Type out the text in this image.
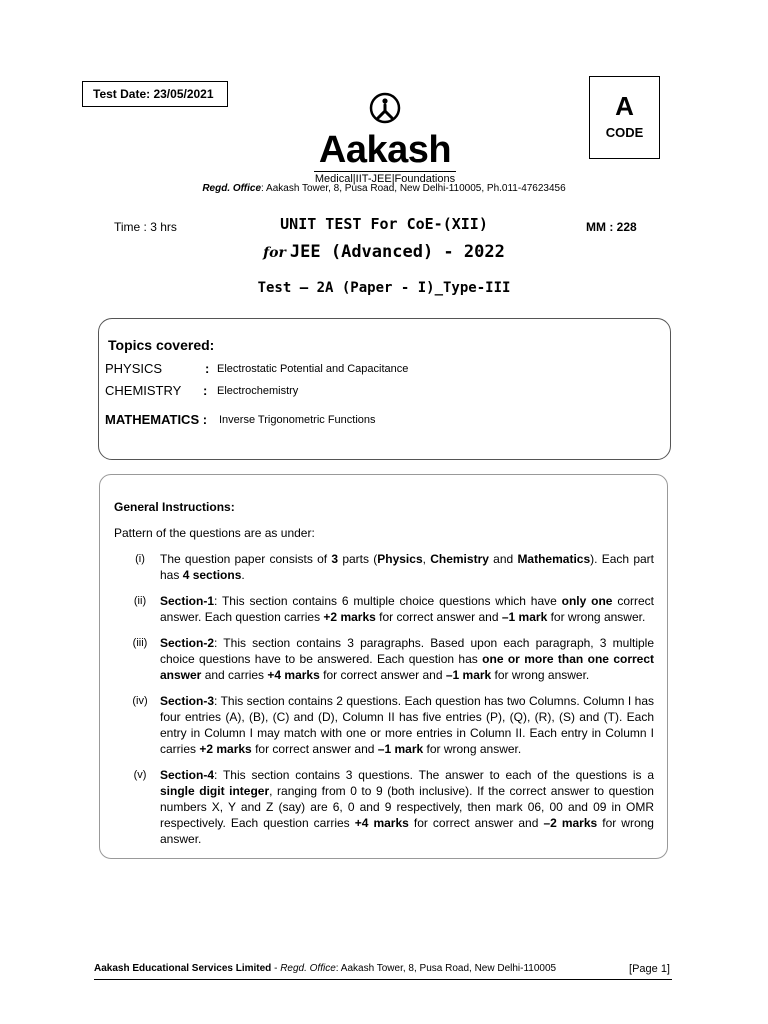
Test Date: 23/05/2021	A
CODE
Aakash
Medical|IIT-JEE|Foundations
Regd. Office: Aakash Tower, 8, Pusa Road, New Delhi-110005, Ph.011-47623456
Time : 3 hrs	MM : 228
UNIT TEST For CoE-(XII)
for JEE (Advanced) - 2022
Test – 2A (Paper - I)_Type-III
Topics covered:
PHYSICS	: Electrostatic Potential and Capacitance
CHEMISTRY : Electrochemistry
MATHEMATICS : Inverse Trigonometric Functions
General Instructions:
Pattern of the questions are as under:
(i)	The question paper consists of 3 parts (Physics, Chemistry and Mathematics). Each part has 4 sections.
(ii)	Section-1: This section contains 6 multiple choice questions which have only one correct answer. Each question carries +2 marks for correct answer and –1 mark for wrong answer.
(iii)	Section-2: This section contains 3 paragraphs. Based upon each paragraph, 3 multiple choice questions have to be answered. Each question has one or more than one correct answer and carries +4 marks for correct answer and –1 mark for wrong answer.
(iv)	Section-3: This section contains 2 questions. Each question has two Columns. Column I has four entries (A), (B), (C) and (D), Column II has five entries (P), (Q), (R), (S) and (T). Each entry in Column I may match with one or more entries in Column II. Each entry in Column I carries +2 marks for correct answer and –1 mark for wrong answer.
(v)	Section-4: This section contains 3 questions. The answer to each of the questions is a single digit integer, ranging from 0 to 9 (both inclusive). If the correct answer to question numbers X, Y and Z (say) are 6, 0 and 9 respectively, then mark 06, 00 and 09 in OMR respectively. Each question carries +4 marks for correct answer and –2 marks for wrong answer.
Aakash Educational Services Limited - Regd. Office: Aakash Tower, 8, Pusa Road, New Delhi-110005	[Page 1]
